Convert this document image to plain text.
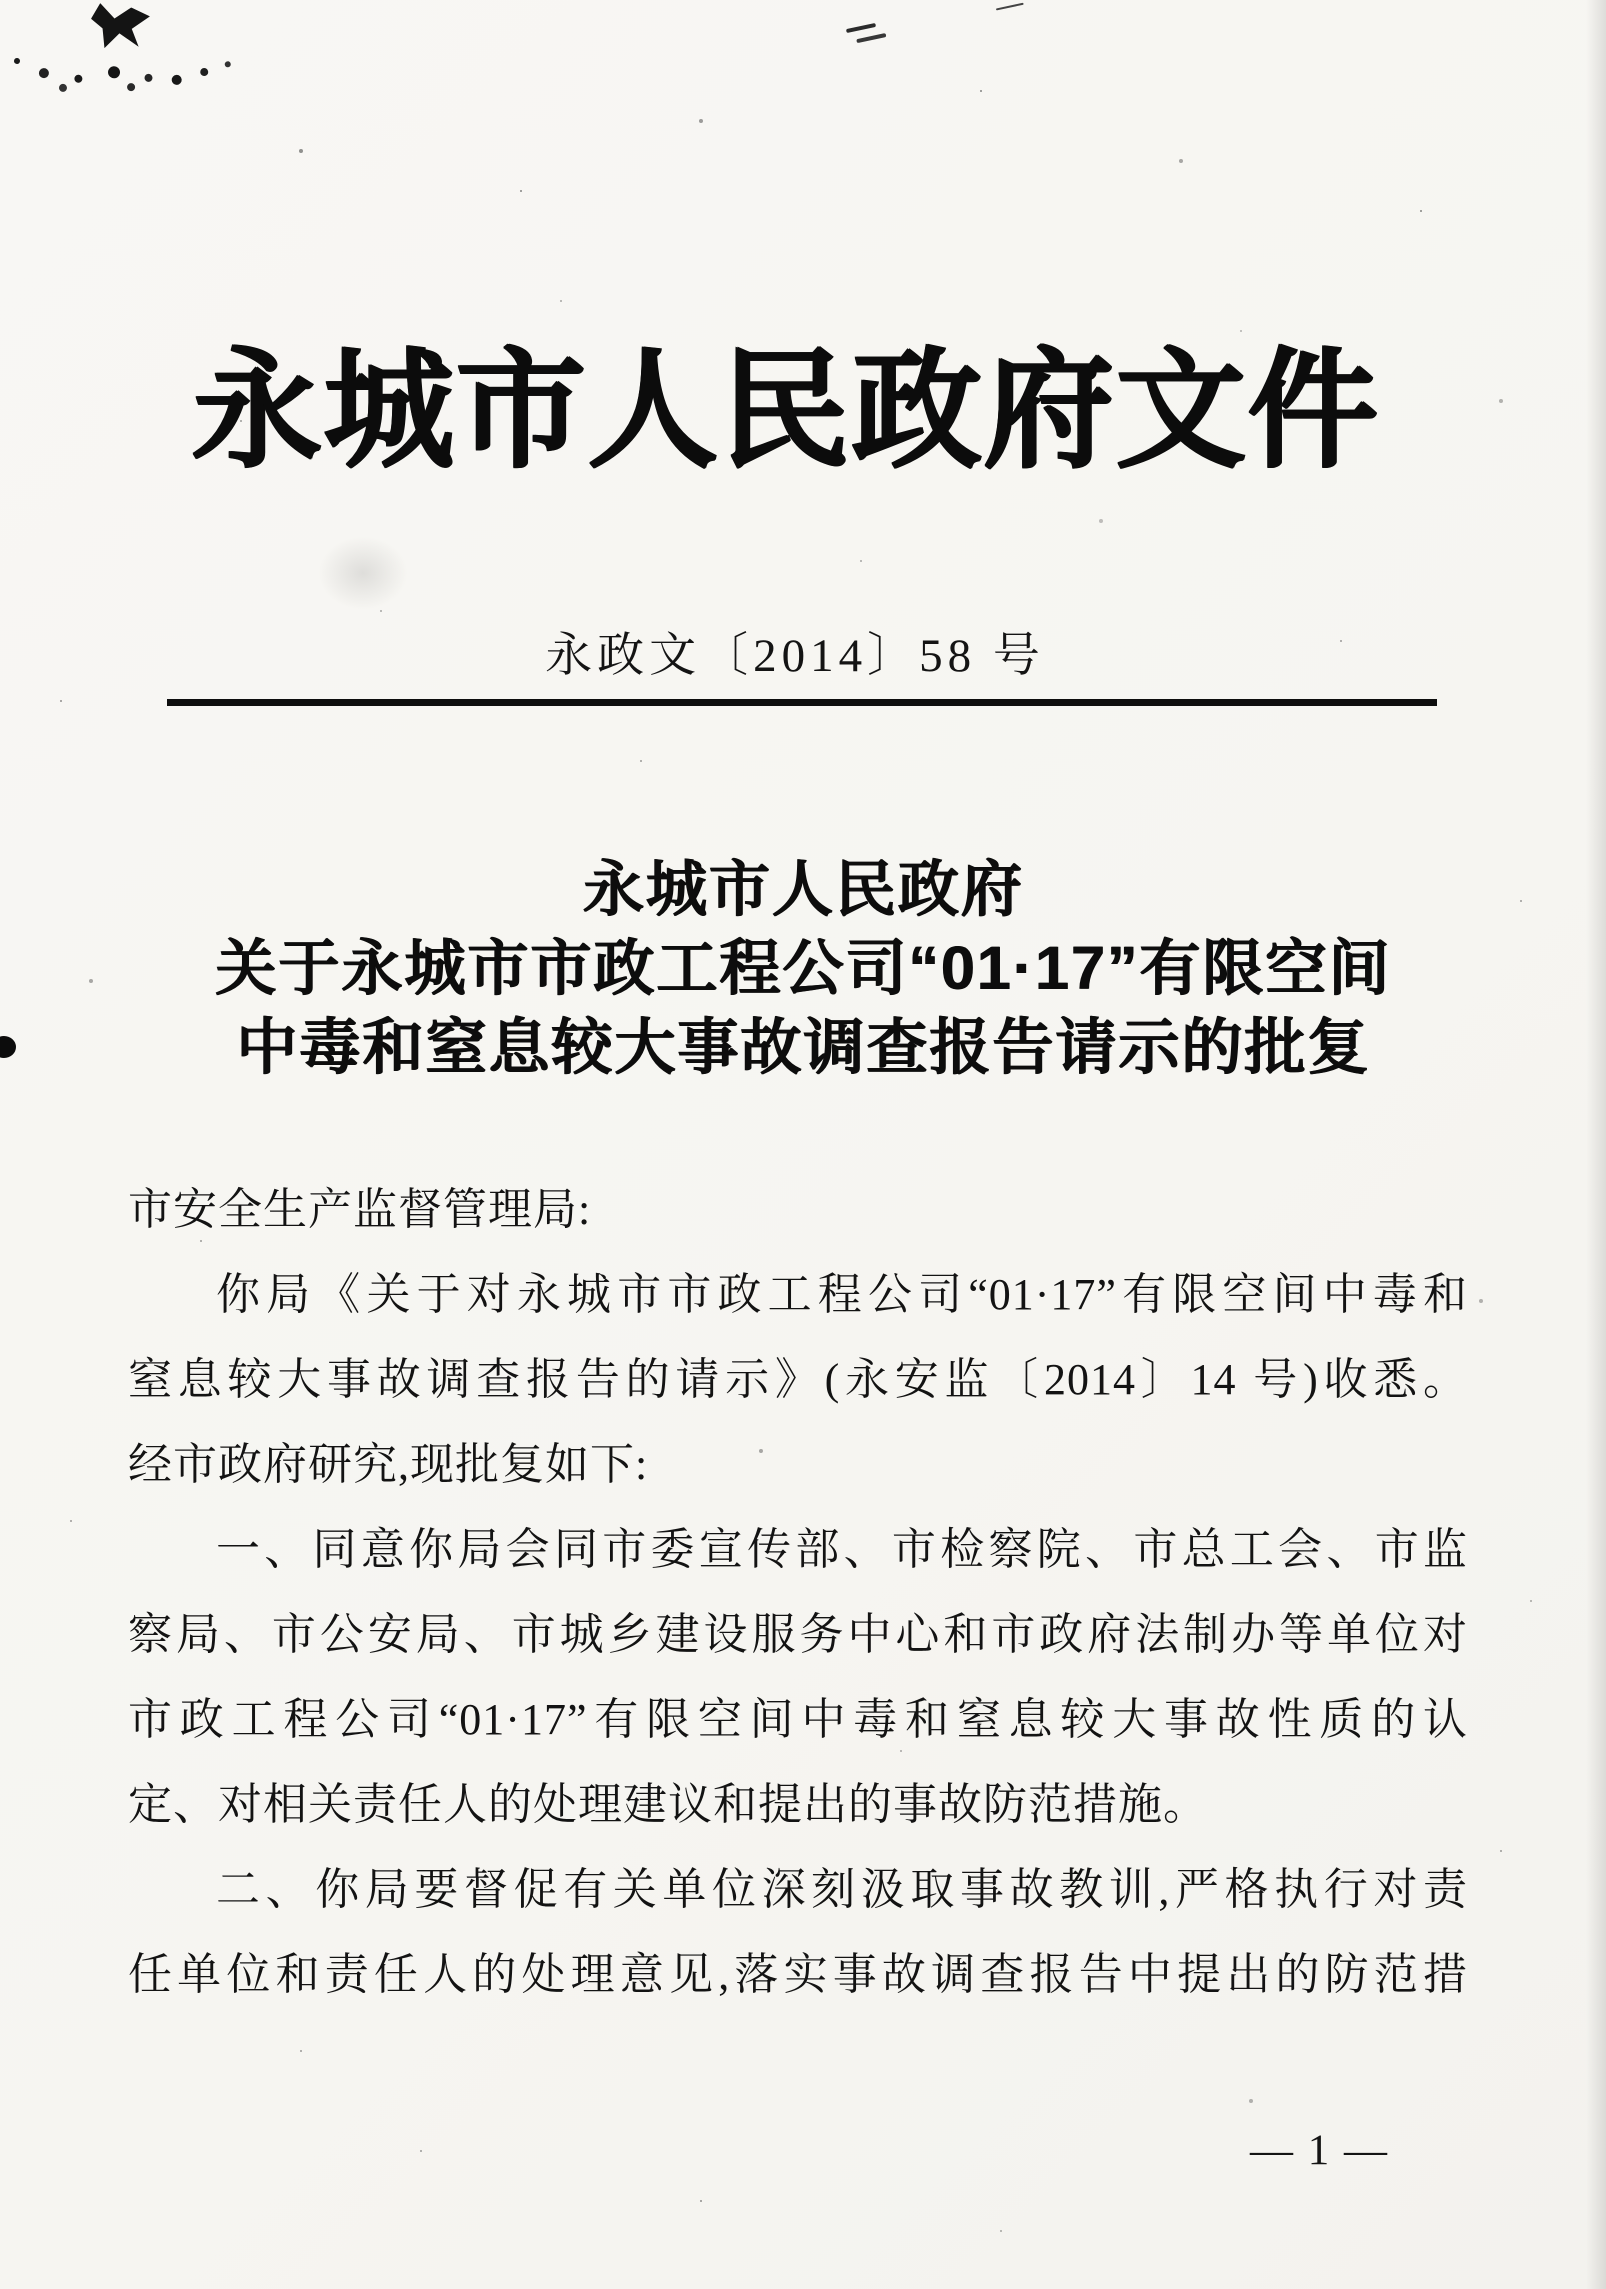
永城市人民政府文件
永政文〔2014〕58 号
永城市人民政府
关于永城市市政工程公司“01·17”有限空间
中毒和窒息较大事故调查报告请示的批复
市安全生产监督管理局:
你局《关于对永城市市政工程公司“01·17”有限空间中毒和
窒息较大事故调查报告的请示》(永安监〔2014〕14 号)收悉。
经市政府研究,现批复如下:
一、同意你局会同市委宣传部、市检察院、市总工会、市监
察局、市公安局、市城乡建设服务中心和市政府法制办等单位对
市政工程公司“01·17”有限空间中毒和窒息较大事故性质的认
定、对相关责任人的处理建议和提出的事故防范措施。
二、你局要督促有关单位深刻汲取事故教训,严格执行对责
任单位和责任人的处理意见,落实事故调查报告中提出的防范措
— 1 —
